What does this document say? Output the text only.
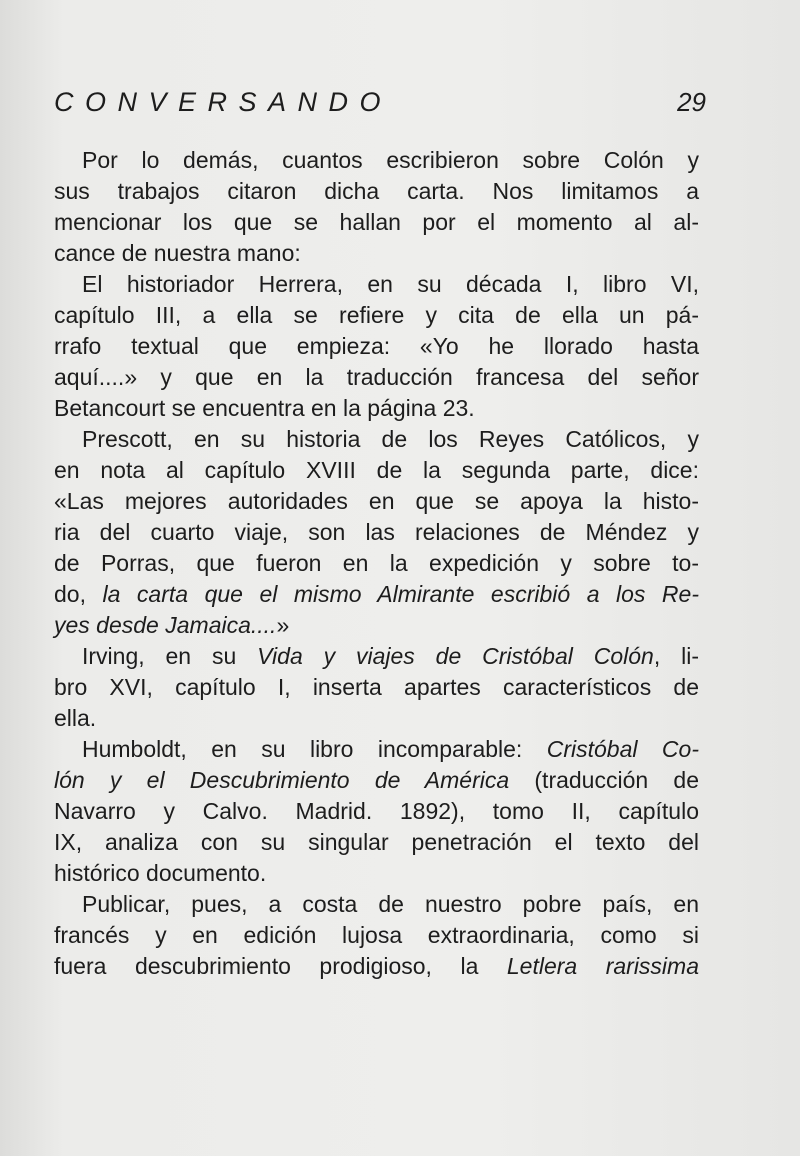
CONVERSANDO	29
Por lo demás, cuantos escribieron sobre Colón y
sus trabajos citaron dicha carta. Nos limitamos a
mencionar los que se hallan por el momento al al-
cance de nuestra mano:
El historiador Herrera, en su década I, libro VI,
capítulo III, a ella se refiere y cita de ella un pá-
rrafo textual que empieza: «Yo he llorado hasta
aquí....» y que en la traducción francesa del señor
Betancourt se encuentra en la página 23.
Prescott, en su historia de los Reyes Católicos, y
en nota al capítulo XVIII de la segunda parte, dice:
«Las mejores autoridades en que se apoya la histo-
ria del cuarto viaje, son las relaciones de Méndez y
de Porras, que fueron en la expedición y sobre to-
do, la carta que el mismo Almirante escribió a los Re-
yes desde Jamaica....»
Irving, en su Vida y viajes de Cristóbal Colón, li-
bro XVI, capítulo I, inserta apartes característicos de
ella.
Humboldt, en su libro incomparable: Cristóbal Co-
lón y el Descubrimiento de América (traducción de
Navarro y Calvo. Madrid. 1892), tomo II, capítulo
IX, analiza con su singular penetración el texto del
histórico documento.
Publicar, pues, a costa de nuestro pobre país, en
francés y en edición lujosa extraordinaria, como si
fuera descubrimiento prodigioso, la Letlera rarissima
